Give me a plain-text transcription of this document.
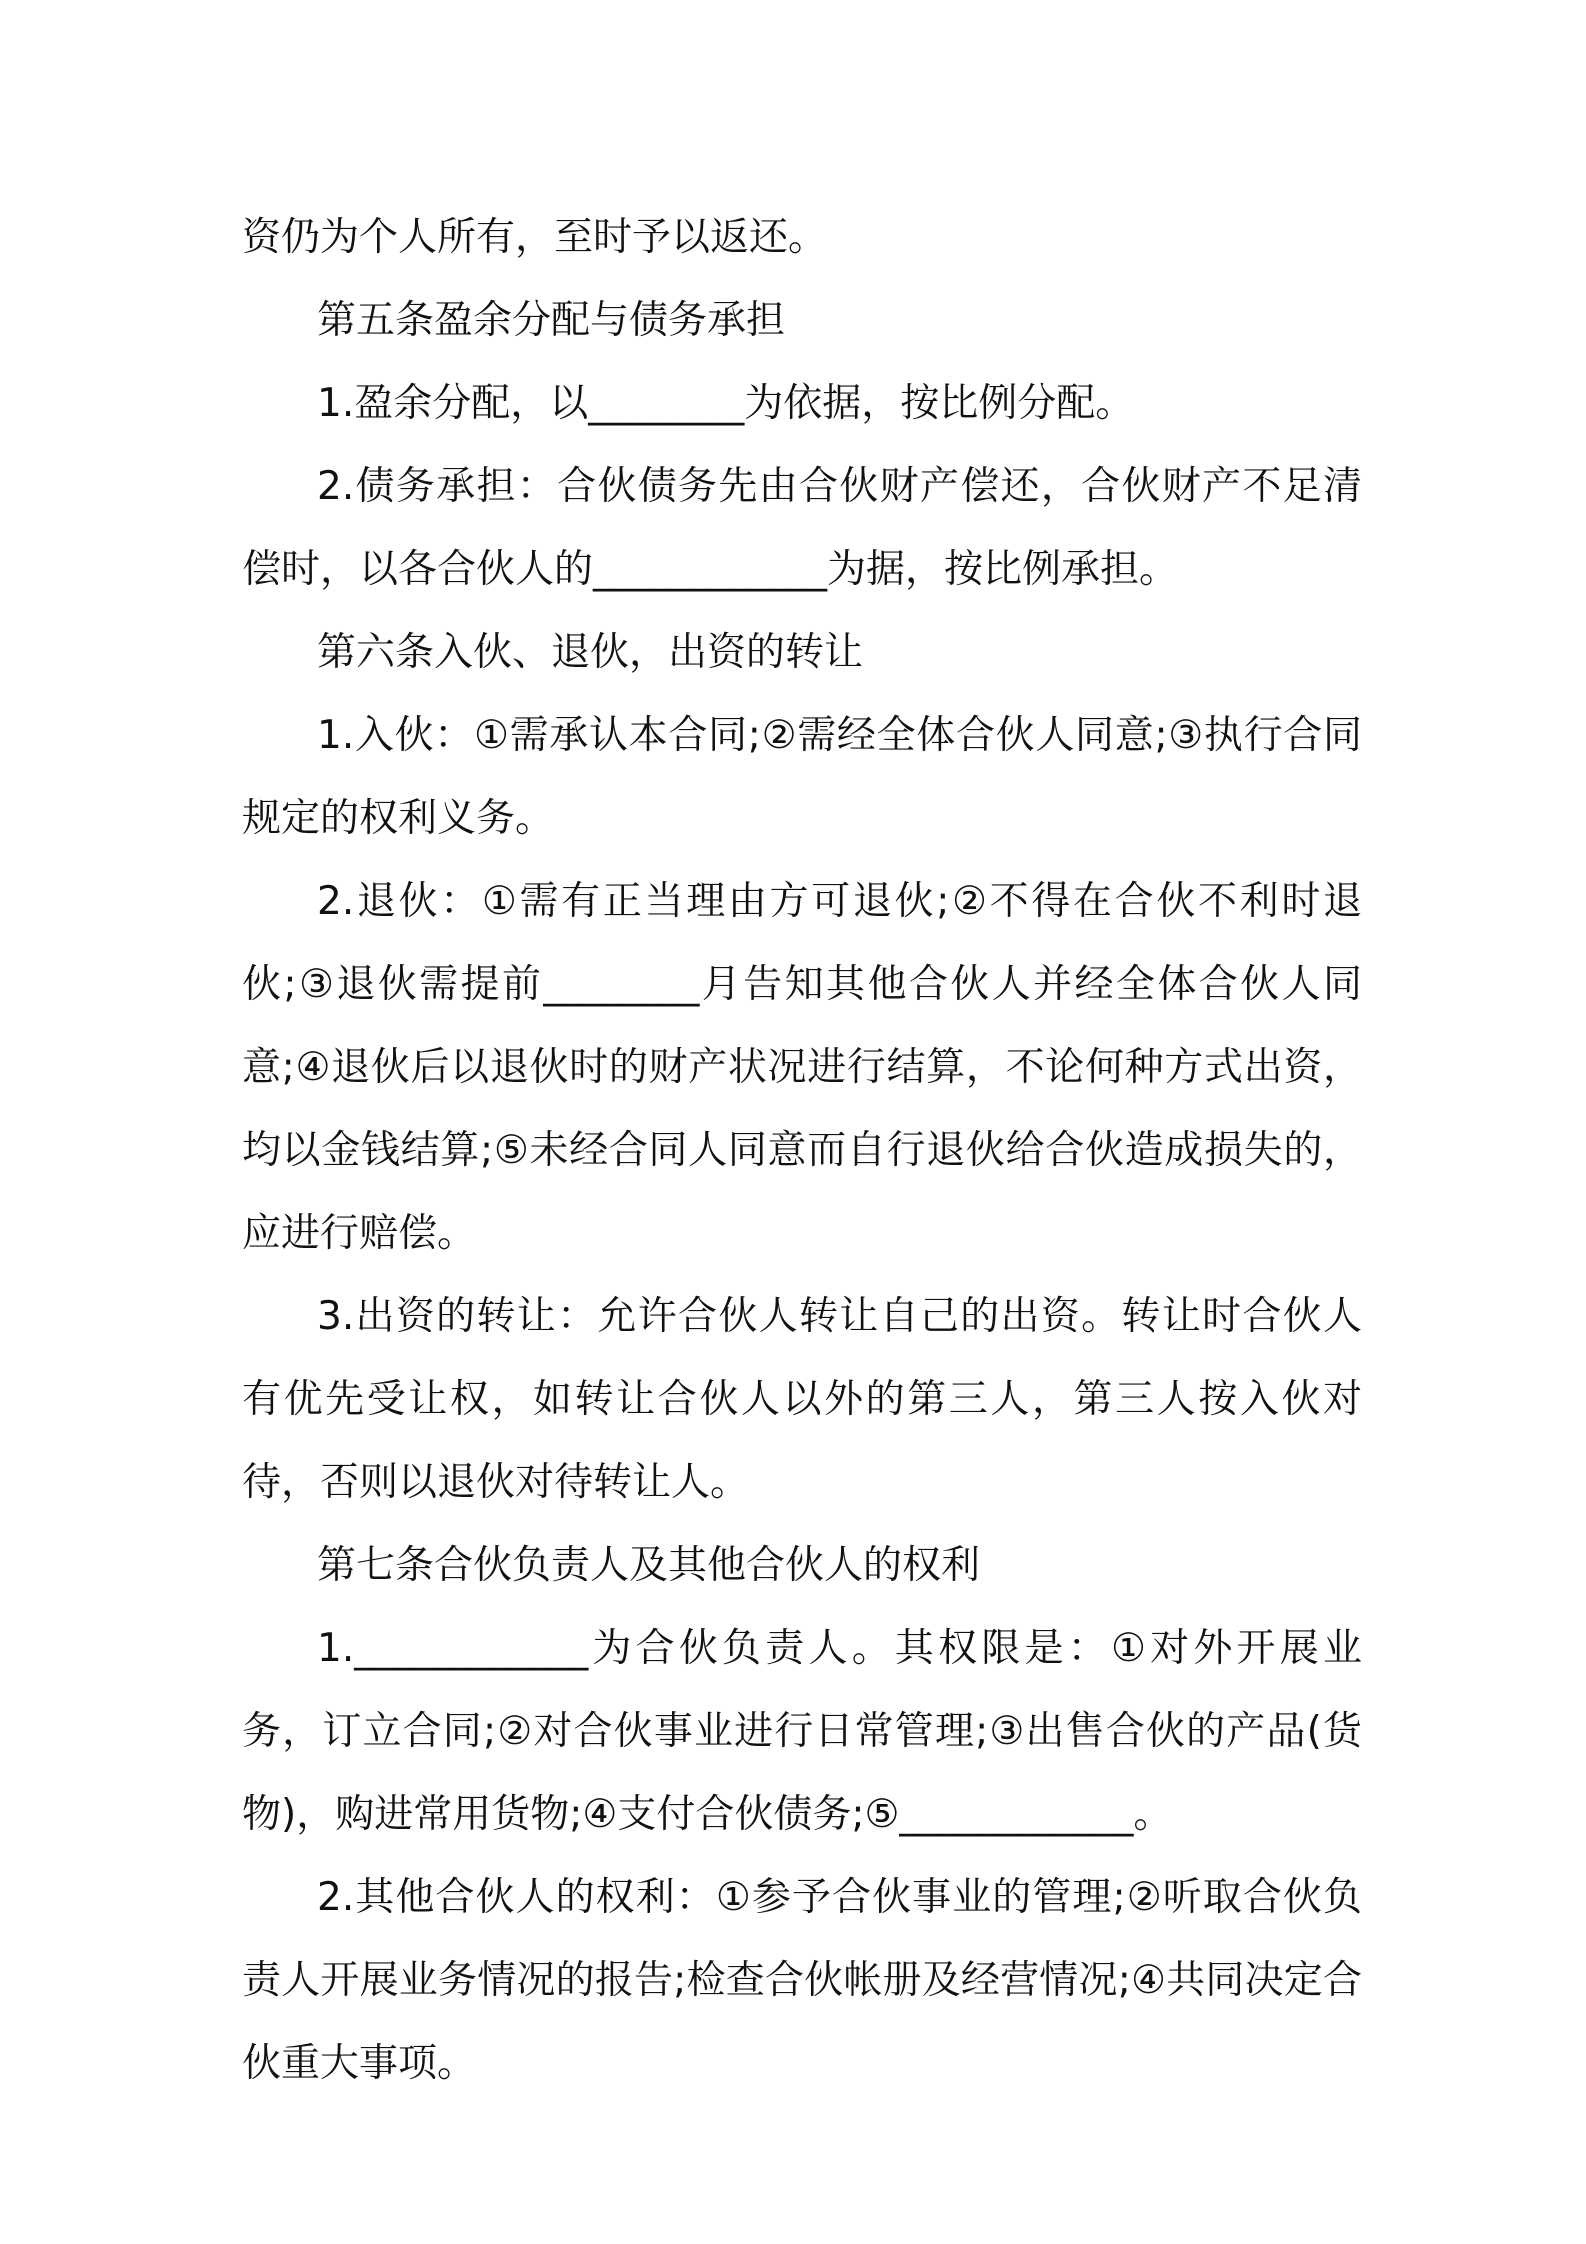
资仍为个人所有，至时予以返还。

第五条盈余分配与债务承担

1.盈余分配，以________为依据，按比例分配。

2.债务承担：合伙债务先由合伙财产偿还，合伙财产不足清偿时，以各合伙人的____________为据，按比例承担。

第六条入伙、退伙，出资的转让

1.入伙：①需承认本合同;②需经全体合伙人同意;③执行合同规定的权利义务。

2.退伙：①需有正当理由方可退伙;②不得在合伙不利时退伙;③退伙需提前________月告知其他合伙人并经全体合伙人同意;④退伙后以退伙时的财产状况进行结算，不论何种方式出资，均以金钱结算;⑤未经合同人同意而自行退伙给合伙造成损失的，应进行赔偿。

3.出资的转让：允许合伙人转让自己的出资。转让时合伙人有优先受让权，如转让合伙人以外的第三人，第三人按入伙对待，否则以退伙对待转让人。

第七条合伙负责人及其他合伙人的权利

1.____________为合伙负责人。其权限是：①对外开展业务，订立合同;②对合伙事业进行日常管理;③出售合伙的产品(货物)，购进常用货物;④支付合伙债务;⑤____________。

2.其他合伙人的权利：①参予合伙事业的管理;②听取合伙负责人开展业务情况的报告;检查合伙帐册及经营情况;④共同决定合伙重大事项。
